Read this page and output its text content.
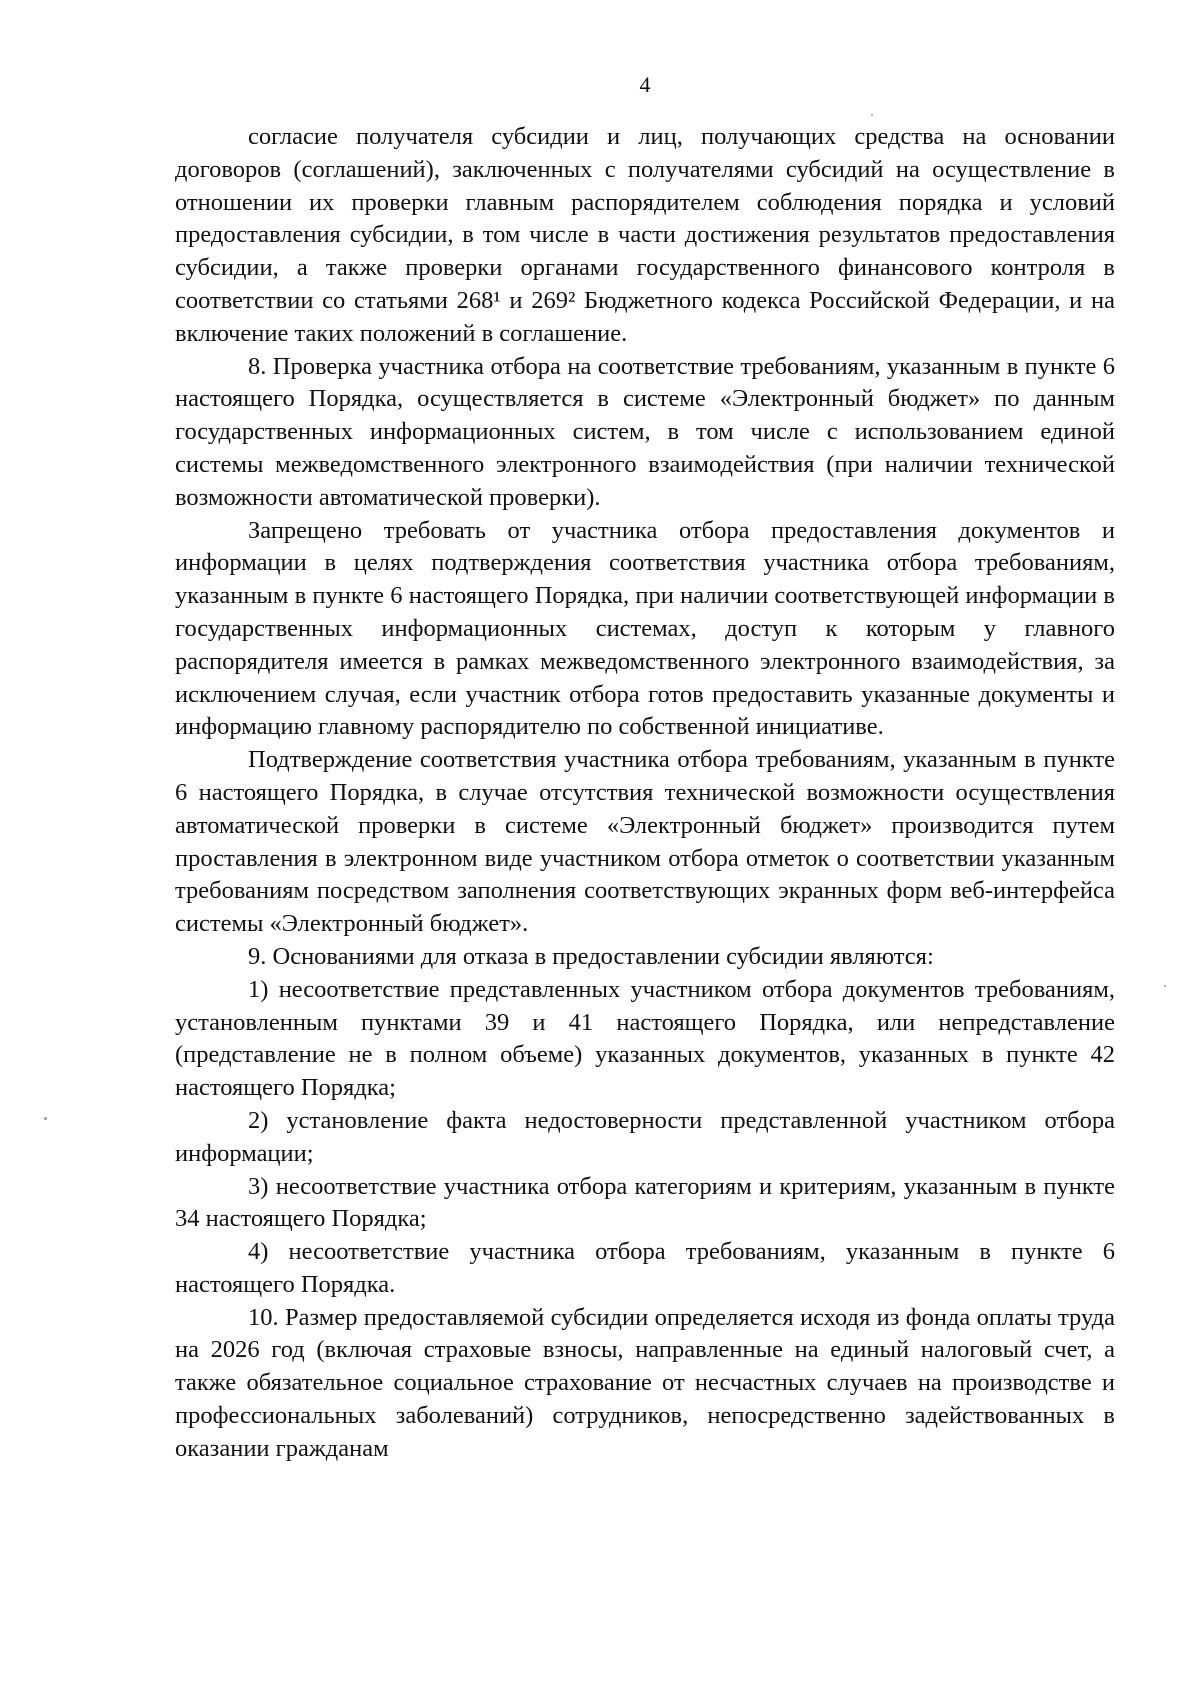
4

согласие получателя субсидии и лиц, получающих средства на основании договоров (соглашений), заключенных с получателями субсидий на осуществление в отношении их проверки главным распорядителем соблюдения порядка и условий предоставления субсидии, в том числе в части достижения результатов предоставления субсидии, а также проверки органами государственного финансового контроля в соответствии со статьями 268¹ и 269² Бюджетного кодекса Российской Федерации, и на включение таких положений в соглашение.

8. Проверка участника отбора на соответствие требованиям, указанным в пункте 6 настоящего Порядка, осуществляется в системе «Электронный бюджет» по данным государственных информационных систем, в том числе с использованием единой системы межведомственного электронного взаимодействия (при наличии технической возможности автоматической проверки).

Запрещено требовать от участника отбора предоставления документов и информации в целях подтверждения соответствия участника отбора требованиям, указанным в пункте 6 настоящего Порядка, при наличии соответствующей информации в государственных информационных системах, доступ к которым у главного распорядителя имеется в рамках межведомственного электронного взаимодействия, за исключением случая, если участник отбора готов предоставить указанные документы и информацию главному распорядителю по собственной инициативе.

Подтверждение соответствия участника отбора требованиям, указанным в пункте 6 настоящего Порядка, в случае отсутствия технической возможности осуществления автоматической проверки в системе «Электронный бюджет» производится путем проставления в электронном виде участником отбора отметок о соответствии указанным требованиям посредством заполнения соответствующих экранных форм веб-интерфейса системы «Электронный бюджет».

9. Основаниями для отказа в предоставлении субсидии являются:

1) несоответствие представленных участником отбора документов требованиям, установленным пунктами 39 и 41 настоящего Порядка, или непредставление (представление не в полном объеме) указанных документов, указанных в пункте 42 настоящего Порядка;

2) установление факта недостоверности представленной участником отбора информации;

3) несоответствие участника отбора категориям и критериям, указанным в пункте 34 настоящего Порядка;

4) несоответствие участника отбора требованиям, указанным в пункте 6 настоящего Порядка.

10. Размер предоставляемой субсидии определяется исходя из фонда оплаты труда на 2026 год (включая страховые взносы, направленные на единый налоговый счет, а также обязательное социальное страхование от несчастных случаев на производстве и профессиональных заболеваний) сотрудников, непосредственно задействованных в оказании гражданам
